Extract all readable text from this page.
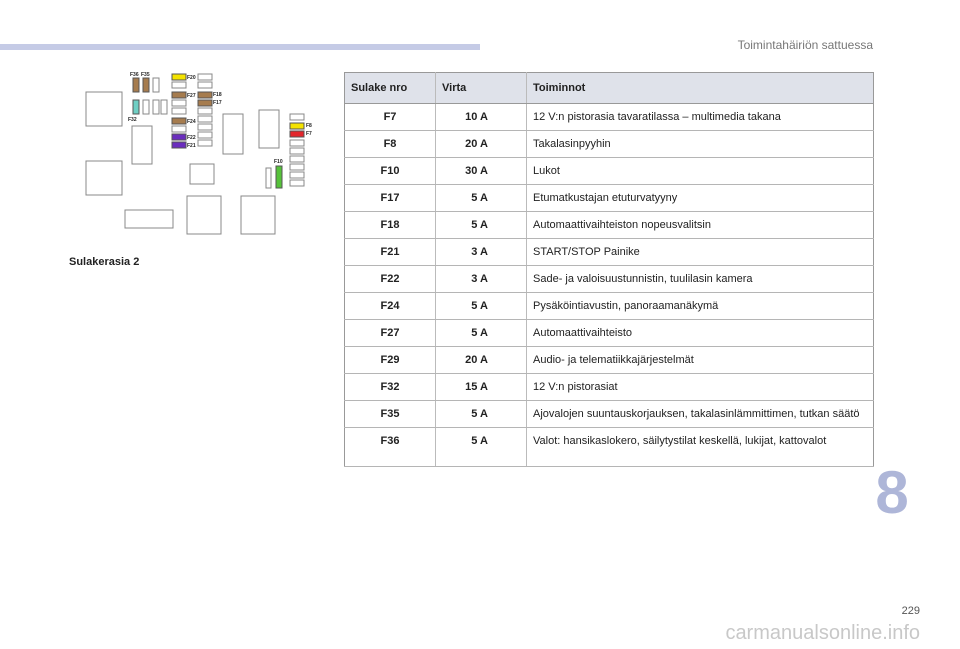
Toimintahäiriön sattuessa
F36 F35
F32
F20
F27	F18
F17
F24
F22
F21
F8
F7
F10
Sulakerasia 2
Sulake nro	Virta	Toiminnot
F7	10 A	12 V:n pistorasia tavaratilassa – multimedia takana
F8	20 A	Takalasinpyyhin
F10	30 A	Lukot
F17	5 A	Etumatkustajan etuturvatyyny
F18	5 A	Automaattivaihteiston nopeusvalitsin
F21	3 A	START/STOP Painike
F22	3 A	Sade- ja valoisuustunnistin, tuulilasin kamera
F24	5 A	Pysäköintiavustin, panoraamanäkymä
F27	5 A	Automaattivaihteisto
F29	20 A	Audio- ja telematiikkajärjestelmät
F32	15 A	12 V:n pistorasiat
F35	5 A	Ajovalojen suuntauskorjauksen, takalasinlämmittimen, tutkan säätö
F36	5 A	Valot: hansikaslokero, säilytystilat keskellä, lukijat, kattovalot
8
229
carmanualsonline.info
